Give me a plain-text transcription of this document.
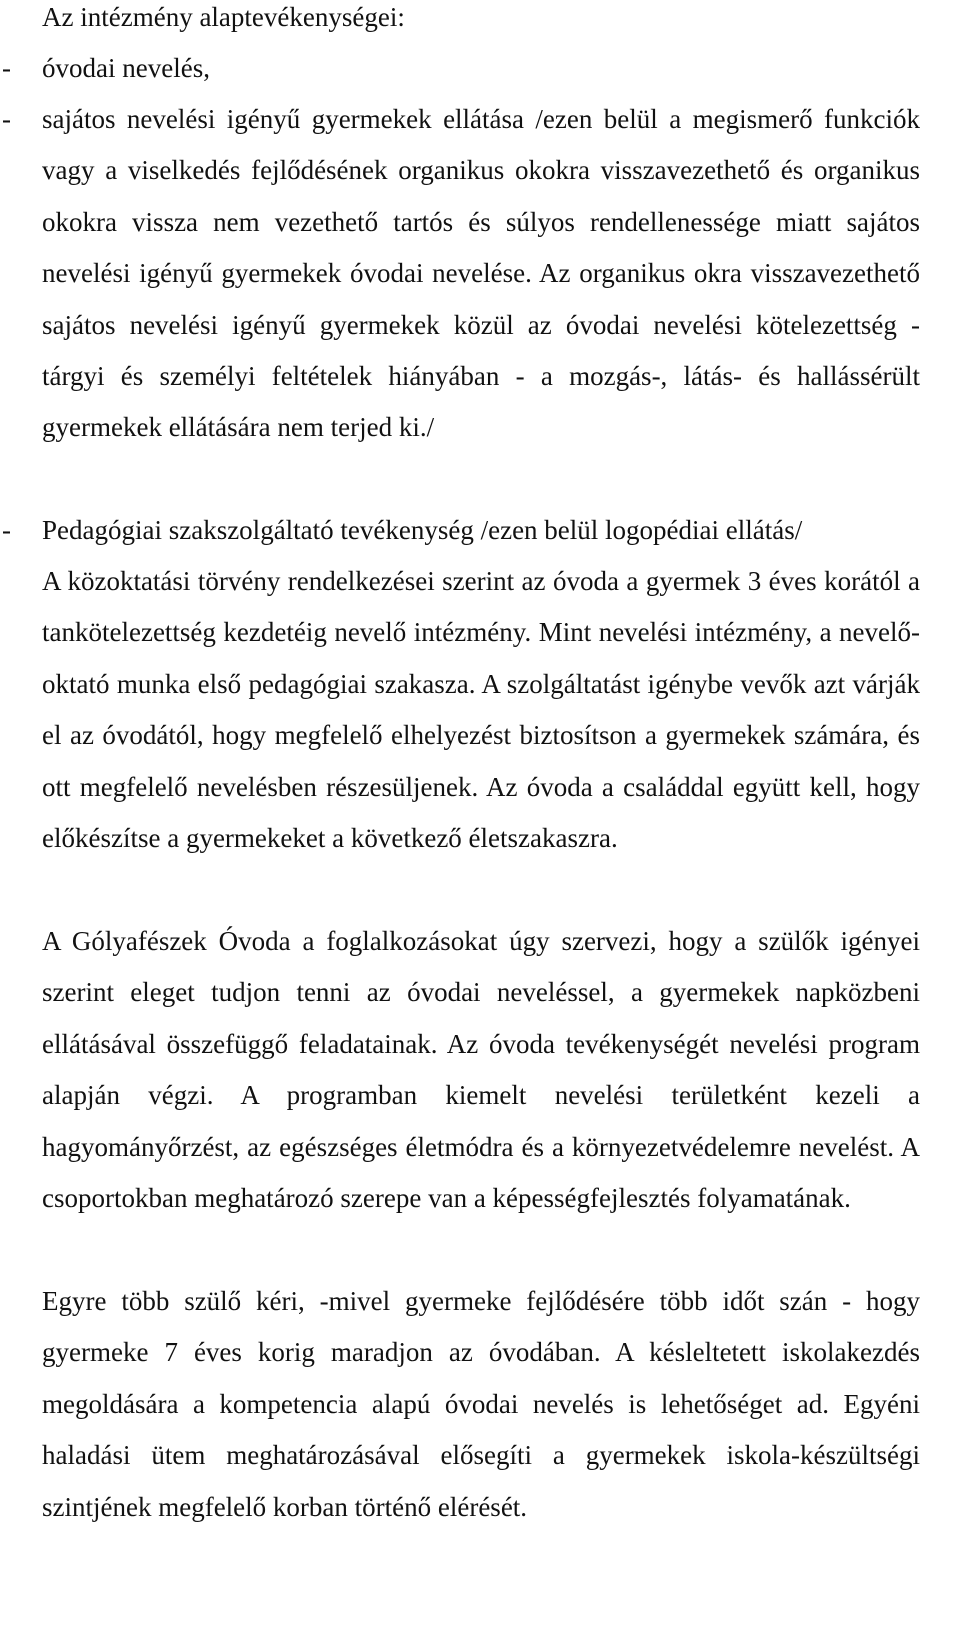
Az intézmény alaptevékenységei:

- óvodai nevelés,

- sajátos nevelési igényű gyermekek ellátása /ezen belül a megismerő funkciók vagy a viselkedés fejlődésének organikus okokra visszavezethető és organikus okokra vissza nem vezethető tartós és súlyos rendellenessége miatt sajátos nevelési igényű gyermekek óvodai nevelése. Az organikus okra visszavezethető sajátos nevelési igényű gyermekek közül az óvodai nevelési kötelezettség - tárgyi és személyi feltételek hiányában - a mozgás-, látás- és hallássérült gyermekek ellátására nem terjed ki./

- Pedagógiai szakszolgáltató tevékenység /ezen belül logopédiai ellátás/

A közoktatási törvény rendelkezései szerint az óvoda a gyermek 3 éves korától a tankötelezettség kezdetéig nevelő intézmény. Mint nevelési intézmény, a nevelő-oktató munka első pedagógiai szakasza. A szolgáltatást igénybe vevők azt várják el az óvodától, hogy megfelelő elhelyezést biztosítson a gyermekek számára, és ott megfelelő nevelésben részesüljenek. Az óvoda a családdal együtt kell, hogy előkészítse a gyermekeket a következő életszakaszra.

A Gólyafészek Óvoda a foglalkozásokat úgy szervezi, hogy a szülők igényei szerint eleget tudjon tenni az óvodai neveléssel, a gyermekek napközbeni ellátásával összefüggő feladatainak. Az óvoda tevékenységét nevelési program alapján végzi. A programban kiemelt nevelési területként kezeli a hagyományőrzést, az egészséges életmódra és a környezetvédelemre nevelést. A csoportokban meghatározó szerepe van a képességfejlesztés folyamatának.

Egyre több szülő kéri, -mivel gyermeke fejlődésére több időt szán - hogy gyermeke 7 éves korig maradjon az óvodában. A késleltetett iskolakezdés megoldására a kompetencia alapú óvodai nevelés is lehetőséget ad. Egyéni haladási ütem meghatározásával elősegíti a gyermekek iskola-készültségi szintjének megfelelő korban történő elérését.
